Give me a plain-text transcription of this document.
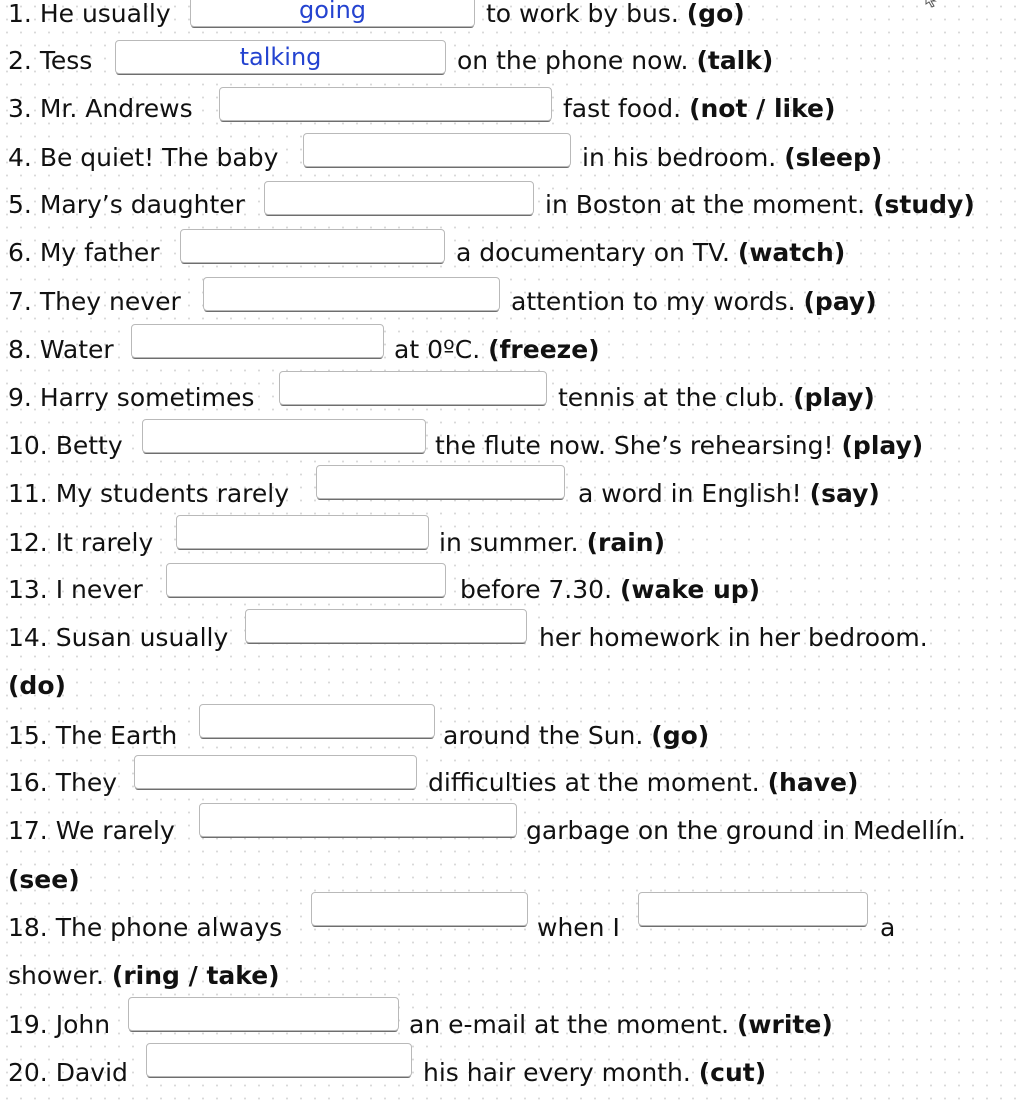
1. He usually
going	to work by bus. (go)
2. Tess
talking	on the phone now. (talk)
3. Mr. Andrews	fast food. (not / like)
4. Be quiet! The baby	in his bedroom. (sleep)
5. Mary’s daughter	in Boston at the moment. (study)
6. My father	a documentary on TV. (watch)
7. They never	attention to my words. (pay)
8. Water	at 0ºC. (freeze)
9. Harry sometimes	tennis at the club. (play)
10. Betty	the flute now. She’s rehearsing! (play)
11. My students rarely	a word in English! (say)
12. It rarely	in summer. (rain)
13. I never	before 7.30. (wake up)
14. Susan usually	her homework in her bedroom.
(do)
15. The Earth	around the Sun. (go)
16. They	difficulties at the moment. (have)
17. We rarely	garbage on the ground in Medellín.
(see)
18. The phone always	when I	a
shower. (ring / take)
19. John	an e-mail at the moment. (write)
20. David	his hair every month. (cut)
